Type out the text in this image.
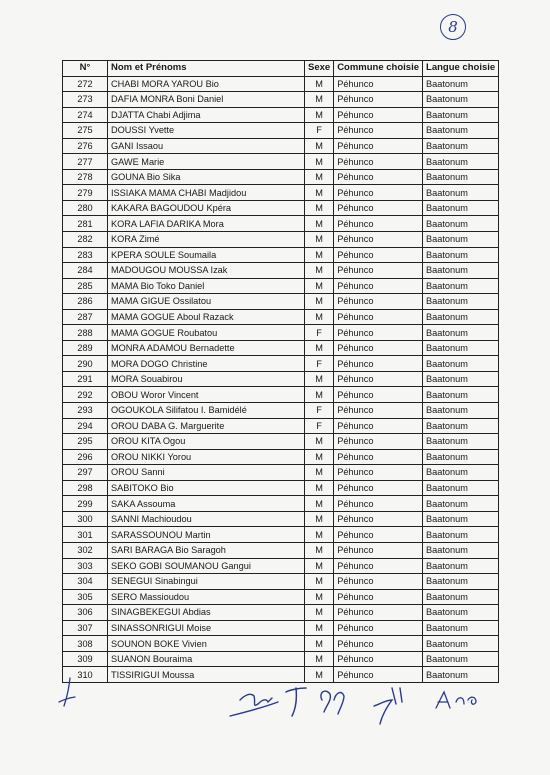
8
N°	Nom et Prénoms	Sexe	Commune choisie	Langue choisie
272	CHABI MORA YAROU Bio	M	Péhunco	Baatonum
273	DAFIA MONRA Boni Daniel	M	Péhunco	Baatonum
274	DJATTA Chabi Adjima	M	Péhunco	Baatonum
275	DOUSSI Yvette	F	Péhunco	Baatonum
276	GANI Issaou	M	Péhunco	Baatonum
277	GAWE Marie	M	Péhunco	Baatonum
278	GOUNA Bio Sika	M	Péhunco	Baatonum
279	ISSIAKA MAMA CHABI Madjidou	M	Péhunco	Baatonum
280	KAKARA BAGOUDOU Kpéra	M	Péhunco	Baatonum
281	KORA LAFIA DARIKA Mora	M	Péhunco	Baatonum
282	KORA Zimé	M	Péhunco	Baatonum
283	KPERA SOULE Soumaila	M	Péhunco	Baatonum
284	MADOUGOU MOUSSA Izak	M	Péhunco	Baatonum
285	MAMA Bio Toko Daniel	M	Péhunco	Baatonum
286	MAMA GIGUE Ossilatou	M	Péhunco	Baatonum
287	MAMA GOGUE Aboul Razack	M	Péhunco	Baatonum
288	MAMA GOGUE Roubatou	F	Péhunco	Baatonum
289	MONRA ADAMOU Bernadette	M	Péhunco	Baatonum
290	MORA DOGO Christine	F	Péhunco	Baatonum
291	MORA Souabirou	M	Péhunco	Baatonum
292	OBOU Woror Vincent	M	Péhunco	Baatonum
293	OGOUKOLA Silifatou I. Bamidélé	F	Péhunco	Baatonum
294	OROU DABA G. Marguerite	F	Péhunco	Baatonum
295	OROU KITA Ogou	M	Péhunco	Baatonum
296	OROU NIKKI Yorou	M	Péhunco	Baatonum
297	OROU Sanni	M	Péhunco	Baatonum
298	SABITOKO Bio	M	Péhunco	Baatonum
299	SAKA Assouma	M	Péhunco	Baatonum
300	SANNI Machioudou	M	Péhunco	Baatonum
301	SARASSOUNOU Martin	M	Péhunco	Baatonum
302	SARI BARAGA Bio Saragoh	M	Péhunco	Baatonum
303	SEKO GOBI SOUMANOU Gangui	M	Péhunco	Baatonum
304	SENEGUI Sinabingui	M	Péhunco	Baatonum
305	SERO Massioudou	M	Péhunco	Baatonum
306	SINAGBEKEGUI Abdias	M	Péhunco	Baatonum
307	SINASSONRIGUI Moise	M	Péhunco	Baatonum
308	SOUNON BOKE Vivien	M	Péhunco	Baatonum
309	SUANON Bouraima	M	Péhunco	Baatonum
310	TISSIRIGUI Moussa	M	Péhunco	Baatonum
